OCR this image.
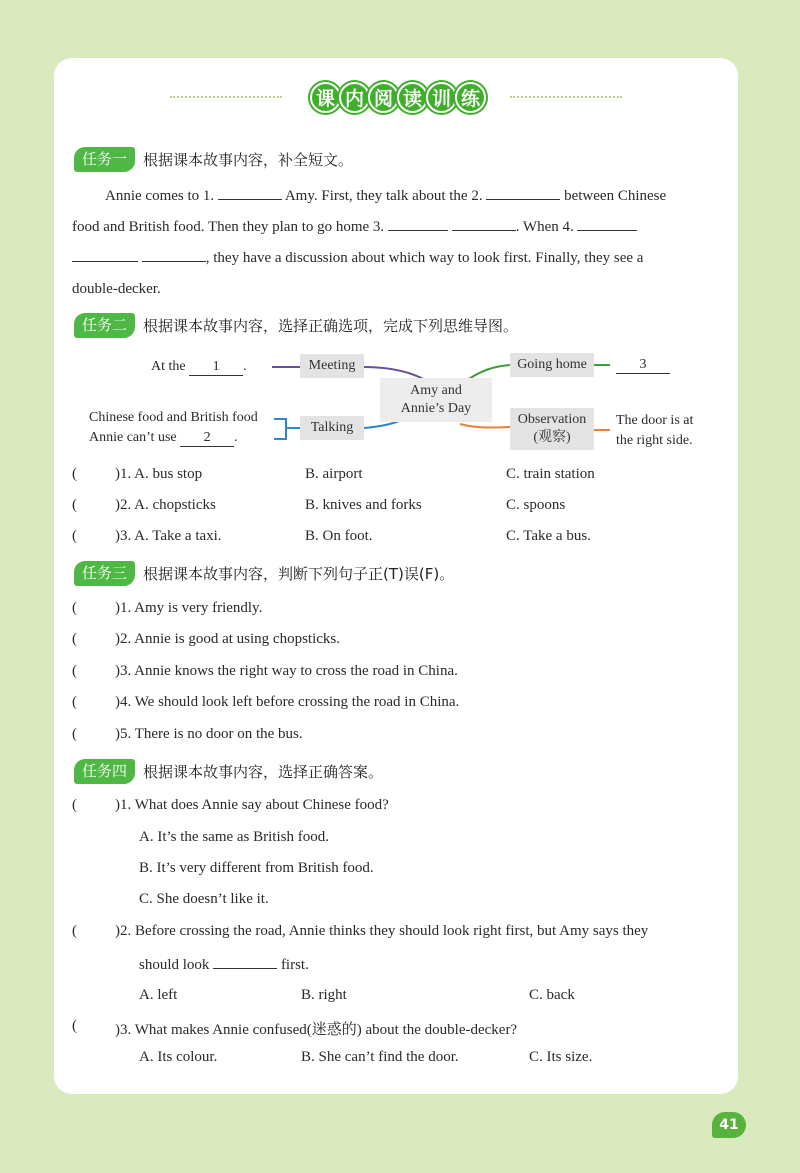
课 内 阅 读 训 练
任务一	根据课本故事内容，补全短文。
Annie comes to 1.	Amy. First, they talk about the 2.	between Chinese
food and British food. Then they plan to go home 3.	. When 4.
, they have a discussion about which way to look first. Finally, they see a
double-decker.
任务二	根据课本故事内容，选择正确选项，完成下列思维导图。
At the 1 .	Meeting
Amy and
Annie’s Day
Going home	3
Chinese food and British food
Annie can’t use 2 .
Talking
Observation
(观察)
The door is at
the right side.
(	)1. A. bus stop	B. airport	C. train station
(	)2. A. chopsticks	B. knives and forks	C. spoons
(	)3. A. Take a taxi.	B. On foot.	C. Take a bus.
任务三	根据课本故事内容，判断下列句子正(T)误(F)。
(	)1. Amy is very friendly.
(	)2. Annie is good at using chopsticks.
(	)3. Annie knows the right way to cross the road in China.
(	)4. We should look left before crossing the road in China.
(	)5. There is no door on the bus.
任务四	根据课本故事内容，选择正确答案。
(	)1. What does Annie say about Chinese food?
A. It’s the same as British food.
B. It’s very different from British food.
C. She doesn’t like it.
(	)2. Before crossing the road, Annie thinks they should look right first, but Amy says they
should look	first.
A. left	B. right	C. back
(	)3. What makes Annie confused(迷惑的) about the double-decker?
A. Its colour.	B. She can’t find the door.	C. Its size.
41
